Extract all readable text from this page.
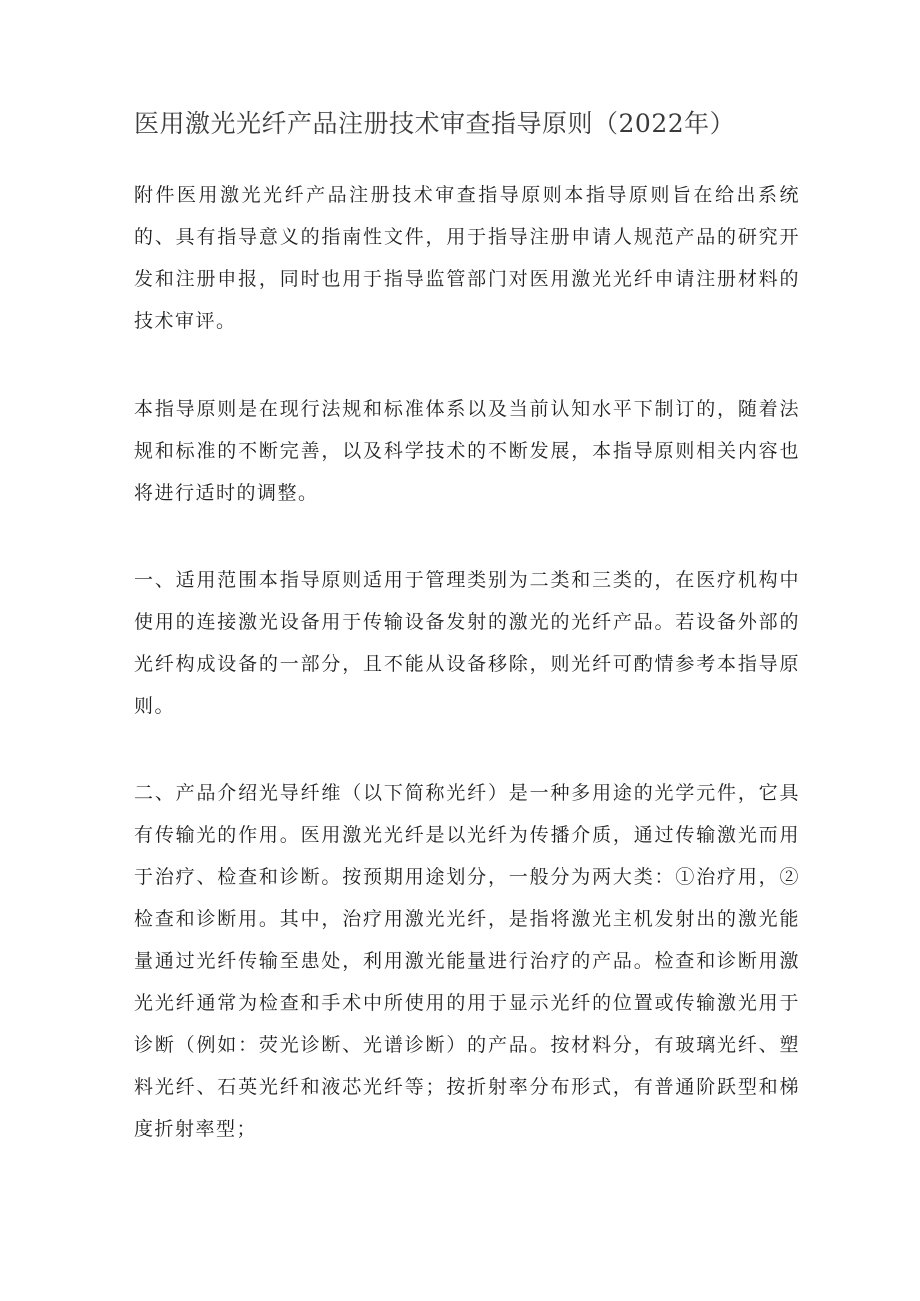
医用激光光纤产品注册技术审查指导原则（2022年）
附件医用激光光纤产品注册技术审查指导原则本指导原则旨在给出系统的、具有指导意义的指南性文件，用于指导注册申请人规范产品的研究开发和注册申报，同时也用于指导监管部门对医用激光光纤申请注册材料的技术审评。
本指导原则是在现行法规和标准体系以及当前认知水平下制订的，随着法规和标准的不断完善，以及科学技术的不断发展，本指导原则相关内容也将进行适时的调整。
一、适用范围本指导原则适用于管理类别为二类和三类的，在医疗机构中使用的连接激光设备用于传输设备发射的激光的光纤产品。若设备外部的光纤构成设备的一部分，且不能从设备移除，则光纤可酌情参考本指导原则。
二、产品介绍光导纤维（以下简称光纤）是一种多用途的光学元件，它具有传输光的作用。医用激光光纤是以光纤为传播介质，通过传输激光而用于治疗、检查和诊断。按预期用途划分，一般分为两大类：①治疗用，②检查和诊断用。其中，治疗用激光光纤，是指将激光主机发射出的激光能量通过光纤传输至患处，利用激光能量进行治疗的产品。检查和诊断用激光光纤通常为检查和手术中所使用的用于显示光纤的位置或传输激光用于诊断（例如：荧光诊断、光谱诊断）的产品。按材料分，有玻璃光纤、塑料光纤、石英光纤和液芯光纤等；按折射率分布形式，有普通阶跃型和梯度折射率型；
